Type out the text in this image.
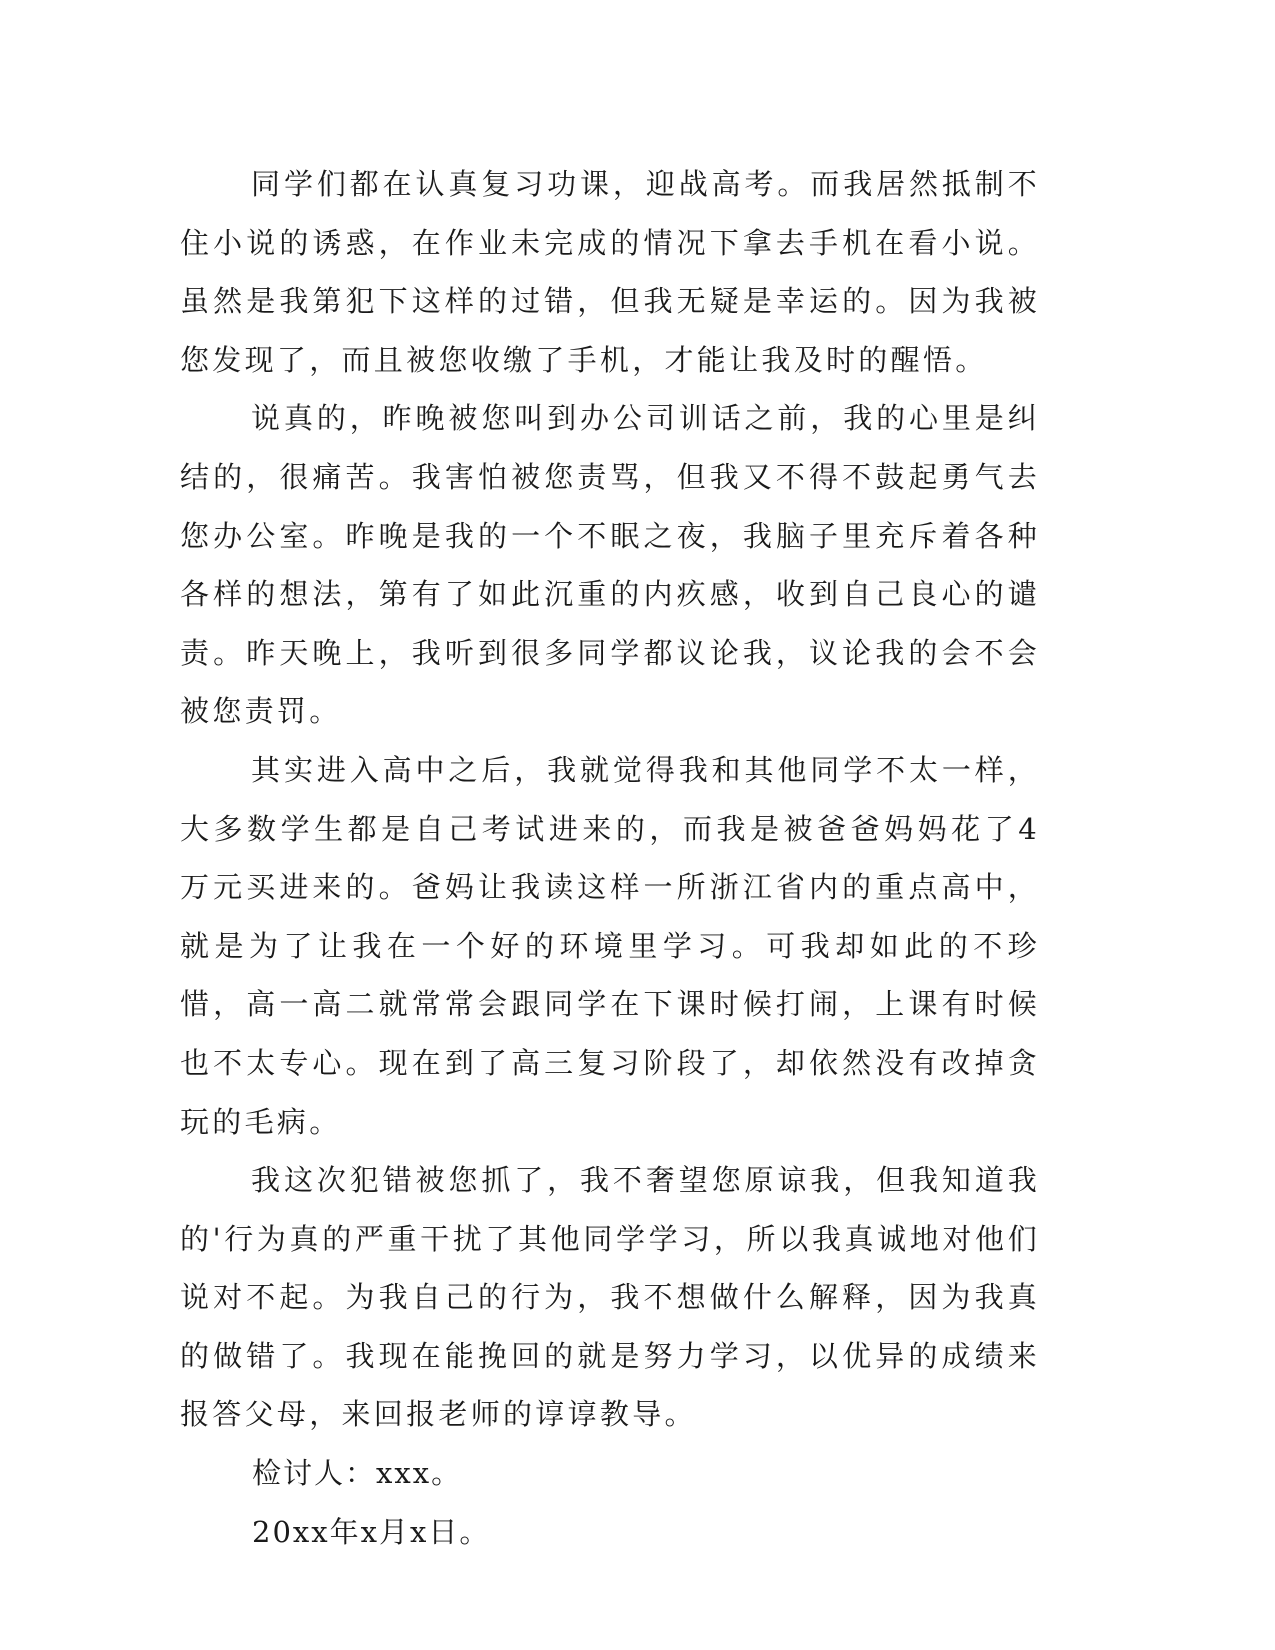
同学们都在认真复习功课，迎战高考。而我居然抵制不住小说的诱惑，在作业未完成的情况下拿去手机在看小说。虽然是我第犯下这样的过错，但我无疑是幸运的。因为我被您发现了，而且被您收缴了手机，才能让我及时的醒悟。

说真的，昨晚被您叫到办公司训话之前，我的心里是纠结的，很痛苦。我害怕被您责骂，但我又不得不鼓起勇气去您办公室。昨晚是我的一个不眠之夜，我脑子里充斥着各种各样的想法，第有了如此沉重的内疚感，收到自己良心的谴责。昨天晚上，我听到很多同学都议论我，议论我的会不会被您责罚。

其实进入高中之后，我就觉得我和其他同学不太一样，大多数学生都是自己考试进来的，而我是被爸爸妈妈花了4万元买进来的。爸妈让我读这样一所浙江省内的重点高中，就是为了让我在一个好的环境里学习。可我却如此的不珍惜，高一高二就常常会跟同学在下课时候打闹，上课有时候也不太专心。现在到了高三复习阶段了，却依然没有改掉贪玩的毛病。

我这次犯错被您抓了，我不奢望您原谅我，但我知道我的'行为真的严重干扰了其他同学学习，所以我真诚地对他们说对不起。为我自己的行为，我不想做什么解释，因为我真的做错了。我现在能挽回的就是努力学习，以优异的成绩来报答父母，来回报老师的谆谆教导。

检讨人：xxx。

20xx年x月x日。
